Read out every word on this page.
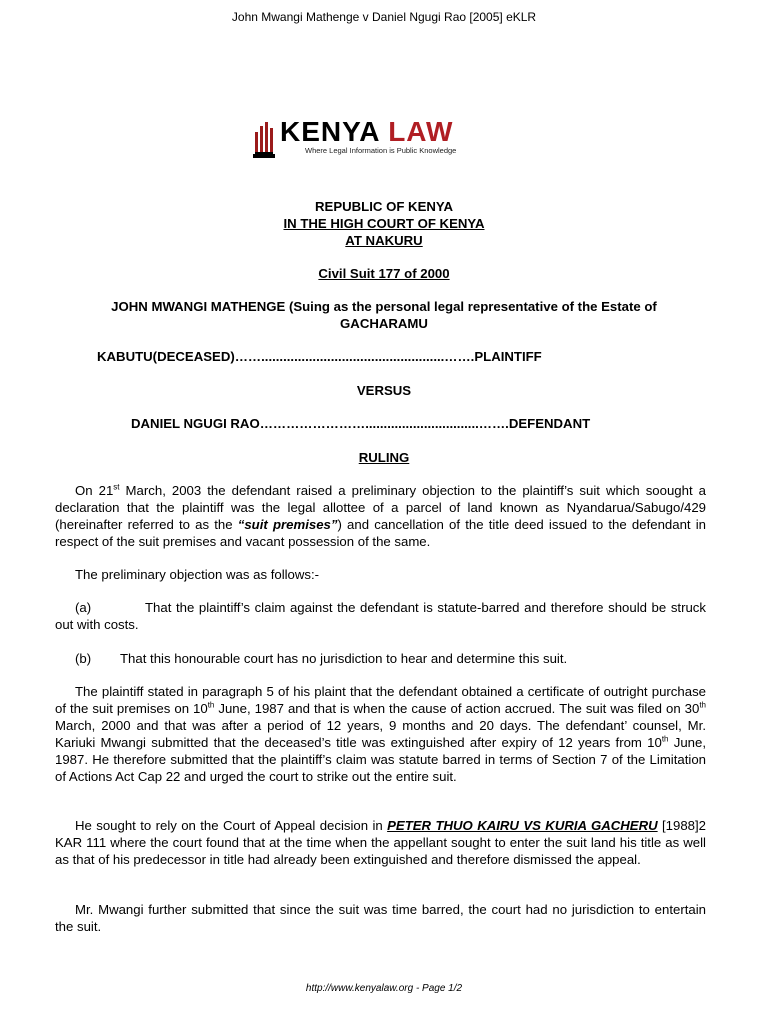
John Mwangi Mathenge v Daniel Ngugi Rao [2005] eKLR
KENYA LAW
Where Legal Information is Public Knowledge
REPUBLIC OF KENYA
IN THE HIGH COURT OF KENYA
AT NAKURU
Civil Suit 177 of 2000
JOHN MWANGI MATHENGE (Suing as the personal legal representative of the Estate of
GACHARAMU
KABUTU(DECEASED)……..................................................…….PLAINTIFF
VERSUS
DANIEL NGUGI RAO……………………...............................…….DEFENDANT
RULING
On 21st March, 2003 the defendant raised a preliminary objection to the plaintiff’s suit which soought a declaration that the plaintiff was the legal allottee of a parcel of land known as Nyandarua/Sabugo/429 (hereinafter referred to as the “suit premises”) and cancellation of the title deed issued to the defendant in respect of the suit premises and vacant possession of the same.
The preliminary objection was as follows:-
(a)	That the plaintiff’s claim against the defendant is statute-barred and therefore should be struck out with costs.
(b) That this honourable court has no jurisdiction to hear and determine this suit.
The plaintiff stated in paragraph 5 of his plaint that the defendant obtained a certificate of outright purchase of the suit premises on 10th June, 1987 and that is when the cause of action accrued. The suit was filed on 30th March, 2000 and that was after a period of 12 years, 9 months and 20 days. The defendant’ counsel, Mr. Kariuki Mwangi submitted that the deceased’s title was extinguished after expiry of 12 years from 10th June, 1987. He therefore submitted that the plaintiff’s claim was statute barred in terms of Section 7 of the Limitation of Actions Act Cap 22 and urged the court to strike out the entire suit.
He sought to rely on the Court of Appeal decision in PETER THUO KAIRU VS KURIA GACHERU [1988]2 KAR 111 where the court found that at the time when the appellant sought to enter the suit land his title as well as that of his predecessor in title had already been extinguished and therefore dismissed the appeal.
Mr. Mwangi further submitted that since the suit was time barred, the court had no jurisdiction to entertain the suit.
http://www.kenyalaw.org - Page 1/2
